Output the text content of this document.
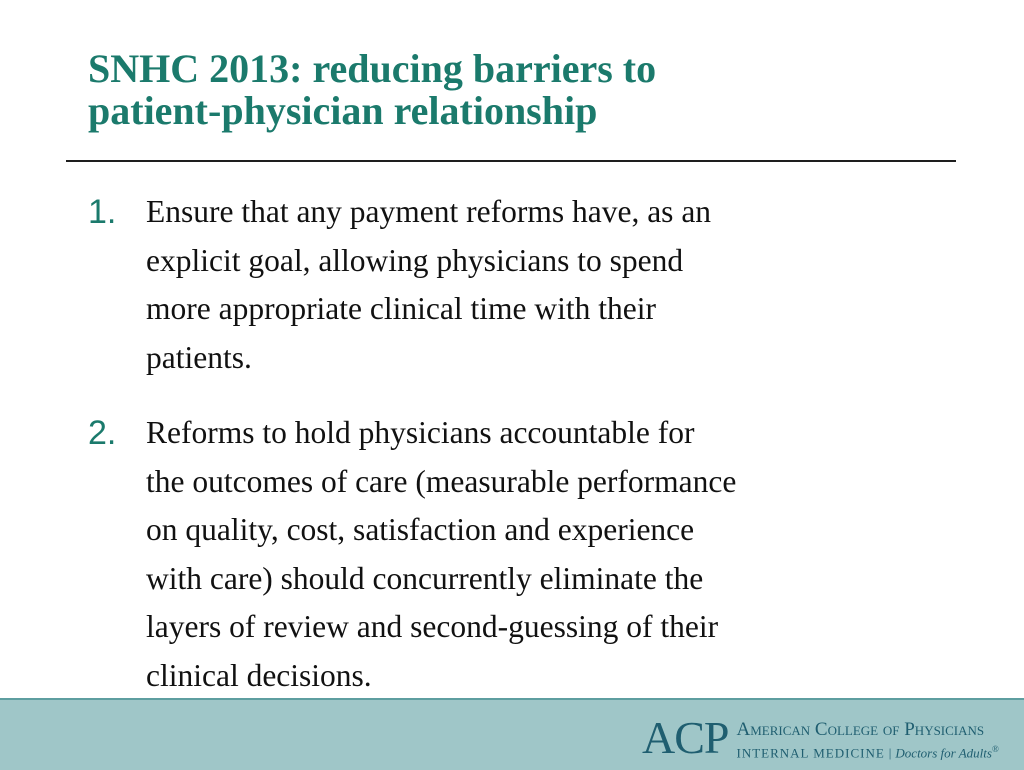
SNHC 2013: reducing barriers to
patient-physician relationship
1. Ensure that any payment reforms have, as an
explicit goal, allowing physicians to spend
more appropriate clinical time with their
patients.
2. Reforms to hold physicians accountable for
the outcomes of care (measurable performance
on quality, cost, satisfaction and experience
with care) should concurrently eliminate the
layers of review and second-guessing of their
clinical decisions.
ACP American College of Physicians
INTERNAL MEDICINE | Doctors for Adults®
